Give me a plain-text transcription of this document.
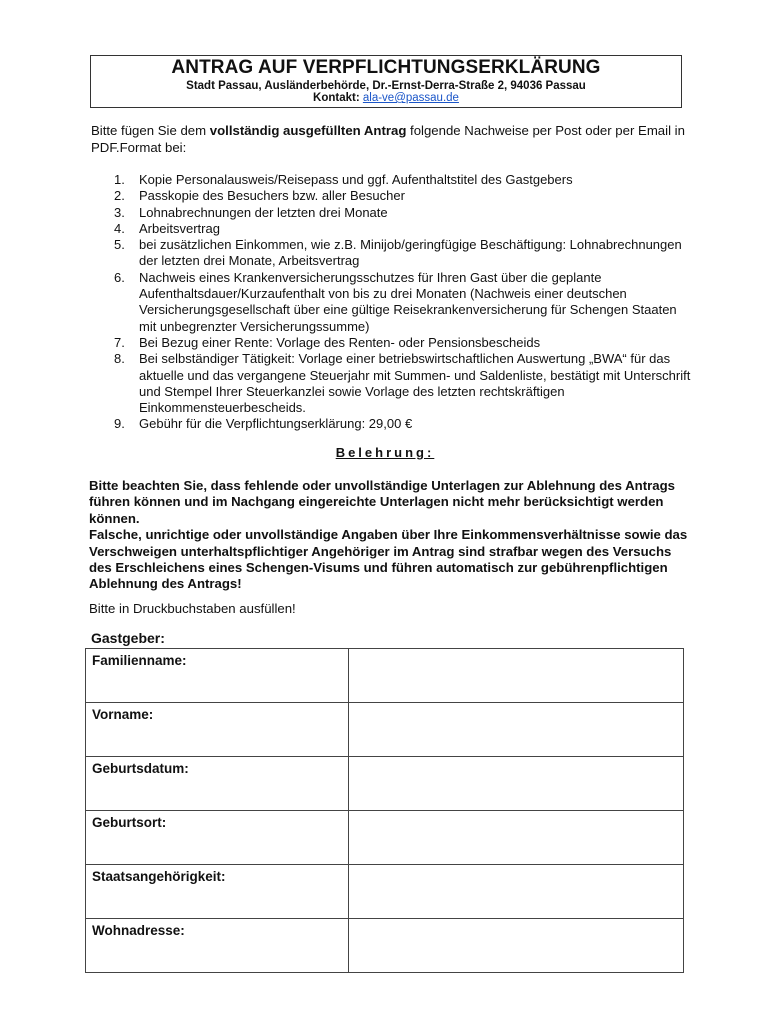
ANTRAG AUF VERPFLICHTUNGSERKLÄRUNG
Stadt Passau, Ausländerbehörde, Dr.-Ernst-Derra-Straße 2, 94036 Passau
Kontakt: ala-ve@passau.de
Bitte fügen Sie dem vollständig ausgefüllten Antrag folgende Nachweise per Post oder per Email in PDF.Format bei:
1. Kopie Personalausweis/Reisepass und ggf. Aufenthaltstitel des Gastgebers
2. Passkopie des Besuchers bzw. aller Besucher
3. Lohnabrechnungen der letzten drei Monate
4. Arbeitsvertrag
5. bei zusätzlichen Einkommen, wie z.B. Minijob/geringfügige Beschäftigung: Lohnabrechnungen der letzten drei Monate, Arbeitsvertrag
6. Nachweis eines Krankenversicherungsschutzes für Ihren Gast über die geplante Aufenthaltsdauer/Kurzaufenthalt von bis zu drei Monaten (Nachweis einer deutschen Versicherungsgesellschaft über eine gültige Reisekrankenversicherung für Schengen Staaten mit unbegrenzter Versicherungssumme)
7. Bei Bezug einer Rente: Vorlage des Renten- oder Pensionsbescheids
8. Bei selbständiger Tätigkeit: Vorlage einer betriebswirtschaftlichen Auswertung „BWA“ für das aktuelle und das vergangene Steuerjahr mit Summen- und Saldenliste, bestätigt mit Unterschrift und Stempel Ihrer Steuerkanzlei sowie Vorlage des letzten rechtskräftigen Einkommensteuerbescheids.
9. Gebühr für die Verpflichtungserklärung: 29,00 €
Belehrung:
Bitte beachten Sie, dass fehlende oder unvollständige Unterlagen zur Ablehnung des Antrags führen können und im Nachgang eingereichte Unterlagen nicht mehr berücksichtigt werden können.
Falsche, unrichtige oder unvollständige Angaben über Ihre Einkommensverhältnisse sowie das Verschweigen unterhaltspflichtiger Angehöriger im Antrag sind strafbar wegen des Versuchs des Erschleichens eines Schengen-Visums und führen automatisch zur gebührenpflichtigen Ablehnung des Antrags!
Bitte in Druckbuchstaben ausfüllen!
Gastgeber:
Familienname:	
Vorname:	
Geburtsdatum:	
Geburtsort:	
Staatsangehörigkeit:	
Wohnadresse:	
